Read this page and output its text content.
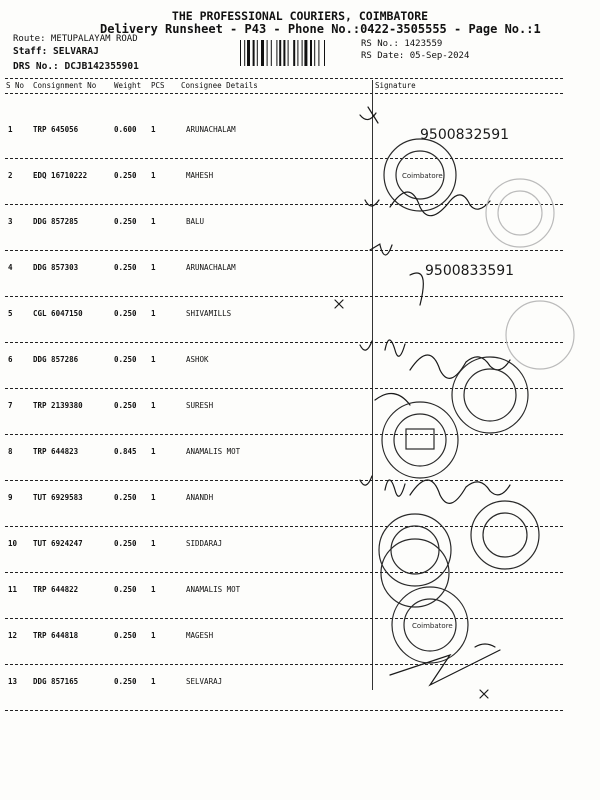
THE PROFESSIONAL COURIERS, COIMBATORE
Delivery Runsheet - P43 - Phone No.:0422-3505555 - Page No.:1
Route: METUPALAYAM ROAD
Staff: SELVARAJ
DRS No.: DCJB142355901
RS No.: 1423559
RS Date: 05-Sep-2024
S No Consignment No Weight PCS Consignee Details	Signature
1	TRP 645056	0.600 1	ARUNACHALAM
2	EDQ 16710222	0.250 1	MAHESH
3	DDG 857285	0.250 1	BALU
4	DDG 857303	0.250 1	ARUNACHALAM
5	CGL 6047150	0.250 1	SHIVAMILLS
6	DDG 857286	0.250 1	ASHOK
7	TRP 2139380	0.250 1	SURESH
8	TRP 644823	0.845 1	ANAMALIS MOT
9	TUT 6929583	0.250 1	ANANDH
10 TUT 6924247	0.250 1	SIDDARAJ
11 TRP 644822	0.250 1	ANAMALIS MOT
12 TRP 644818	0.250 1	MAGESH
13 DDG 857165	0.250 1	SELVARAJ
9500832591
Coimbatore
9500833591
Coimbatore
